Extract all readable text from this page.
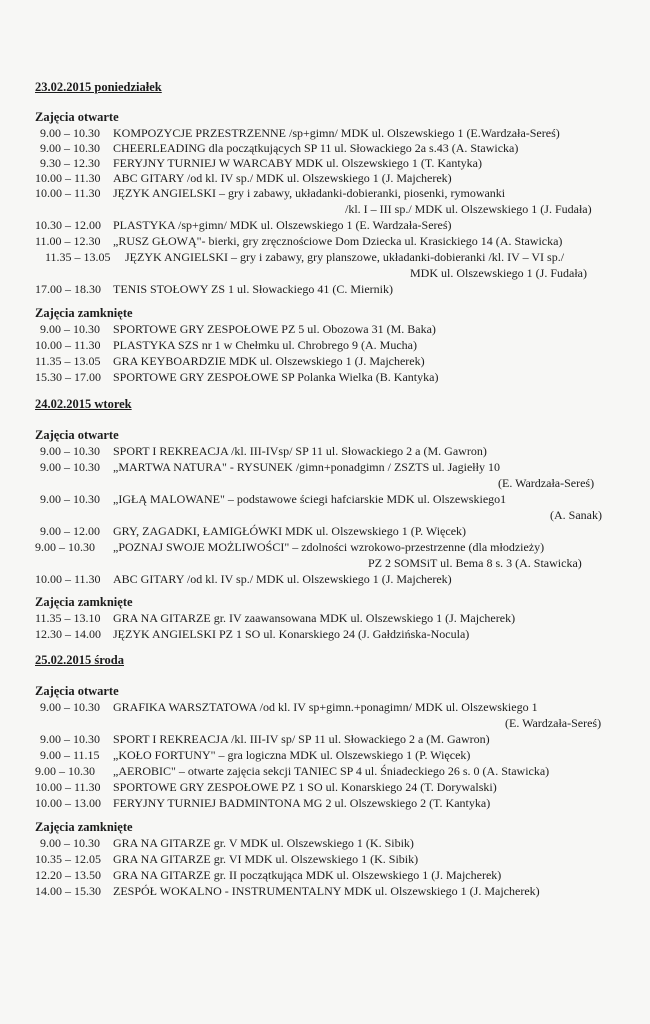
23.02.2015 poniedziałek
Zajęcia otwarte
9.00 – 10.30 KOMPOZYCJE PRZESTRZENNE /sp+gimn/ MDK ul. Olszewskiego 1 (E.Wardzała-Sereś)
9.00 – 10.30 CHEERLEADING dla początkujących SP 11 ul. Słowackiego 2a s.43 (A. Stawicka)
9.30 – 12.30 FERYJNY TURNIEJ W WARCABY MDK ul. Olszewskiego 1 (T. Kantyka)
10.00 – 11.30 ABC GITARY /od kl. IV sp./ MDK ul. Olszewskiego 1 (J. Majcherek)
10.00 – 11.30 JĘZYK ANGIELSKI – gry i zabawy, układanki-dobieranki, piosenki, rymowanki
/kl. I – III sp./ MDK ul. Olszewskiego 1 (J. Fudała)
10.30 – 12.00 PLASTYKA /sp+gimn/ MDK ul. Olszewskiego 1 (E. Wardzała-Sereś)
11.00 – 12.30 „RUSZ GŁOWĄ"- bierki, gry zręcznościowe Dom Dziecka ul. Krasickiego 14 (A. Stawicka)
11.35 – 13.05 JĘZYK ANGIELSKI – gry i zabawy, gry planszowe, układanki-dobieranki /kl. IV – VI sp./
MDK ul. Olszewskiego 1 (J. Fudała)
17.00 – 18.30 TENIS STOŁOWY ZS 1 ul. Słowackiego 41 (C. Miernik)
Zajęcia zamknięte
9.00 – 10.30 SPORTOWE GRY ZESPOŁOWE PZ 5 ul. Obozowa 31 (M. Baka)
10.00 – 11.30 PLASTYKA SZS nr 1 w Chełmku ul. Chrobrego 9 (A. Mucha)
11.35 – 13.05 GRA KEYBOARDZIE MDK ul. Olszewskiego 1 (J. Majcherek)
15.30 – 17.00 SPORTOWE GRY ZESPOŁOWE SP Polanka Wielka (B. Kantyka)
24.02.2015 wtorek
Zajęcia otwarte
9.00 – 10.30 SPORT I REKREACJA /kl. III-IVsp/ SP 11 ul. Słowackiego 2 a (M. Gawron)
9.00 – 10.30 „MARTWA NATURA" - RYSUNEK /gimn+ponadgimn / ZSZTS ul. Jagiełły 10
(E. Wardzała-Sereś)
9.00 – 10.30 „IGŁĄ MALOWANE" – podstawowe ściegi hafciarskie MDK ul. Olszewskiego1
(A. Sanak)
9.00 – 12.00 GRY, ZAGADKI, ŁAMIGŁÓWKI MDK ul. Olszewskiego 1 (P. Więcek)
9.00 – 10.30 „POZNAJ SWOJE MOŻLIWOŚCI" – zdolności wzrokowo-przestrzenne (dla młodzieży)
PZ 2 SOMSiT ul. Bema 8 s. 3 (A. Stawicka)
10.00 – 11.30 ABC GITARY /od kl. IV sp./ MDK ul. Olszewskiego 1 (J. Majcherek)
Zajęcia zamknięte
11.35 – 13.10 GRA NA GITARZE gr. IV zaawansowana MDK ul. Olszewskiego 1 (J. Majcherek)
12.30 – 14.00 JĘZYK ANGIELSKI PZ 1 SO ul. Konarskiego 24 (J. Gałdzińska-Nocula)
25.02.2015 środa
Zajęcia otwarte
9.00 – 10.30 GRAFIKA WARSZTATOWA /od kl. IV sp+gimn.+ponagimn/ MDK ul. Olszewskiego 1
(E. Wardzała-Sereś)
9.00 – 10.30 SPORT I REKREACJA /kl. III-IV sp/ SP 11 ul. Słowackiego 2 a (M. Gawron)
9.00 – 11.15 „KOŁO FORTUNY" – gra logiczna MDK ul. Olszewskiego 1 (P. Więcek)
9.00 – 10.30 „AEROBIC" – otwarte zajęcia sekcji TANIEC SP 4 ul. Śniadeckiego 26 s. 0 (A. Stawicka)
10.00 – 11.30 SPORTOWE GRY ZESPOŁOWE PZ 1 SO ul. Konarskiego 24 (T. Dorywalski)
10.00 – 13.00 FERYJNY TURNIEJ BADMINTONA MG 2 ul. Olszewskiego 2 (T. Kantyka)
Zajęcia zamknięte
9.00 – 10.30 GRA NA GITARZE gr. V MDK ul. Olszewskiego 1 (K. Sibik)
10.35 – 12.05 GRA NA GITARZE gr. VI MDK ul. Olszewskiego 1 (K. Sibik)
12.20 – 13.50 GRA NA GITARZE gr. II początkująca MDK ul. Olszewskiego 1 (J. Majcherek)
14.00 – 15.30 ZESPÓŁ WOKALNO - INSTRUMENTALNY MDK ul. Olszewskiego 1 (J. Majcherek)
